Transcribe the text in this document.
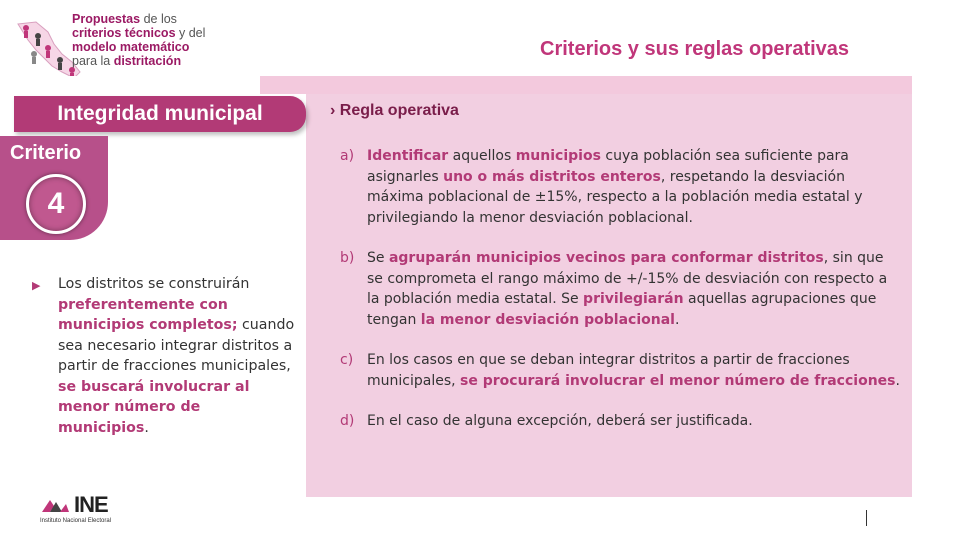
Propuestas de los
criterios técnicos y del
modelo matemático
para la distritación
Criterios y sus reglas operativas
Integridad municipal
Criterio
4
▶ Los distritos se construirán preferentemente con municipios completos; cuando sea necesario integrar distritos a partir de fracciones municipales, se buscará involucrar al menor número de municipios.
› Regla operativa
a) Identificar aquellos municipios cuya población sea suficiente para asignarles uno o más distritos enteros, respetando la desviación máxima poblacional de ±15%, respecto a la población media estatal y privilegiando la menor desviación poblacional.
b) Se agruparán municipios vecinos para conformar distritos, sin que se comprometa el rango máximo de +/-15% de desviación con respecto a la población media estatal. Se privilegiarán aquellas agrupaciones que tengan la menor desviación poblacional.
c) En los casos en que se deban integrar distritos a partir de fracciones municipales, se procurará involucrar el menor número de fracciones.
d) En el caso de alguna excepción, deberá ser justificada.
INE
Instituto Nacional Electoral
